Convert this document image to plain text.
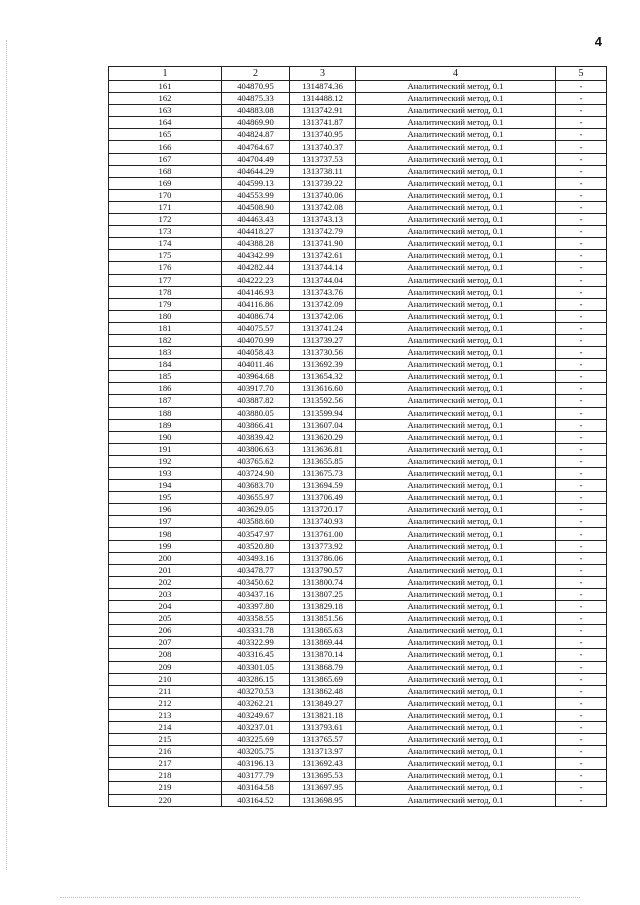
4
1	2	3	4	5
161	404870.95	1314874.36	Аналитический метод, 0.1	-
162	404875.33	1314488.12	Аналитический метод, 0.1	-
163	404883.08	1313742.91	Аналитический метод, 0.1	-
164	404869.90	1313741.87	Аналитический метод, 0.1	-
165	404824.87	1313740.95	Аналитический метод, 0.1	-
166	404764.67	1313740.37	Аналитический метод, 0.1	-
167	404704.49	1313737.53	Аналитический метод, 0.1	-
168	404644.29	1313738.11	Аналитический метод, 0.1	-
169	404599.13	1313739.22	Аналитический метод, 0.1	-
170	404553.99	1313740.06	Аналитический метод, 0.1	-
171	404508.90	1313742.08	Аналитический метод, 0.1	-
172	404463.43	1313743.13	Аналитический метод, 0.1	-
173	404418.27	1313742.79	Аналитический метод, 0.1	-
174	404388.28	1313741.90	Аналитический метод, 0.1	-
175	404342.99	1313742.61	Аналитический метод, 0.1	-
176	404282.44	1313744.14	Аналитический метод, 0.1	-
177	404222.23	1313744.04	Аналитический метод, 0.1	-
178	404146.93	1313743.76	Аналитический метод, 0.1	-
179	404116.86	1313742.09	Аналитический метод, 0.1	-
180	404086.74	1313742.06	Аналитический метод, 0.1	-
181	404075.57	1313741.24	Аналитический метод, 0.1	-
182	404070.99	1313739.27	Аналитический метод, 0.1	-
183	404058.43	1313730.56	Аналитический метод, 0.1	-
184	404011.46	1313692.39	Аналитический метод, 0.1	-
185	403964.68	1313654.32	Аналитический метод, 0.1	-
186	403917.70	1313616.60	Аналитический метод, 0.1	-
187	403887.82	1313592.56	Аналитический метод, 0.1	-
188	403880.05	1313599.94	Аналитический метод, 0.1	-
189	403866.41	1313607.04	Аналитический метод, 0.1	-
190	403839.42	1313620.29	Аналитический метод, 0.1	-
191	403806.63	1313636.81	Аналитический метод, 0.1	-
192	403765.62	1313655.85	Аналитический метод, 0.1	-
193	403724.90	1313675.73	Аналитический метод, 0.1	-
194	403683.70	1313694.59	Аналитический метод, 0.1	-
195	403655.97	1313706.49	Аналитический метод, 0.1	-
196	403629.05	1313720.17	Аналитический метод, 0.1	-
197	403588.60	1313740.93	Аналитический метод, 0.1	-
198	403547.97	1313761.00	Аналитический метод, 0.1	-
199	403520.80	1313773.92	Аналитический метод, 0.1	-
200	403493.16	1313786.06	Аналитический метод, 0.1	-
201	403478.77	1313790.57	Аналитический метод, 0.1	-
202	403450.62	1313800.74	Аналитический метод, 0.1	-
203	403437.16	1313807.25	Аналитический метод, 0.1	-
204	403397.80	1313829.18	Аналитический метод, 0.1	-
205	403358.55	1313851.56	Аналитический метод, 0.1	-
206	403331.78	1313865.63	Аналитический метод, 0.1	-
207	403322.99	1313869.44	Аналитический метод, 0.1	-
208	403316.45	1313870.14	Аналитический метод, 0.1	-
209	403301.05	1313868.79	Аналитический метод, 0.1	-
210	403286.15	1313865.69	Аналитический метод, 0.1	-
211	403270.53	1313862.48	Аналитический метод, 0.1	-
212	403262.21	1313849.27	Аналитический метод, 0.1	-
213	403249.67	1313821.18	Аналитический метод, 0.1	-
214	403237.01	1313793.61	Аналитический метод, 0.1	-
215	403225.69	1313765.57	Аналитический метод, 0.1	-
216	403205.75	1313713.97	Аналитический метод, 0.1	-
217	403196.13	1313692.43	Аналитический метод, 0.1	-
218	403177.79	1313695.53	Аналитический метод, 0.1	-
219	403164.58	1313697.95	Аналитический метод, 0.1	-
220	403164.52	1313698.95	Аналитический метод, 0.1	-
